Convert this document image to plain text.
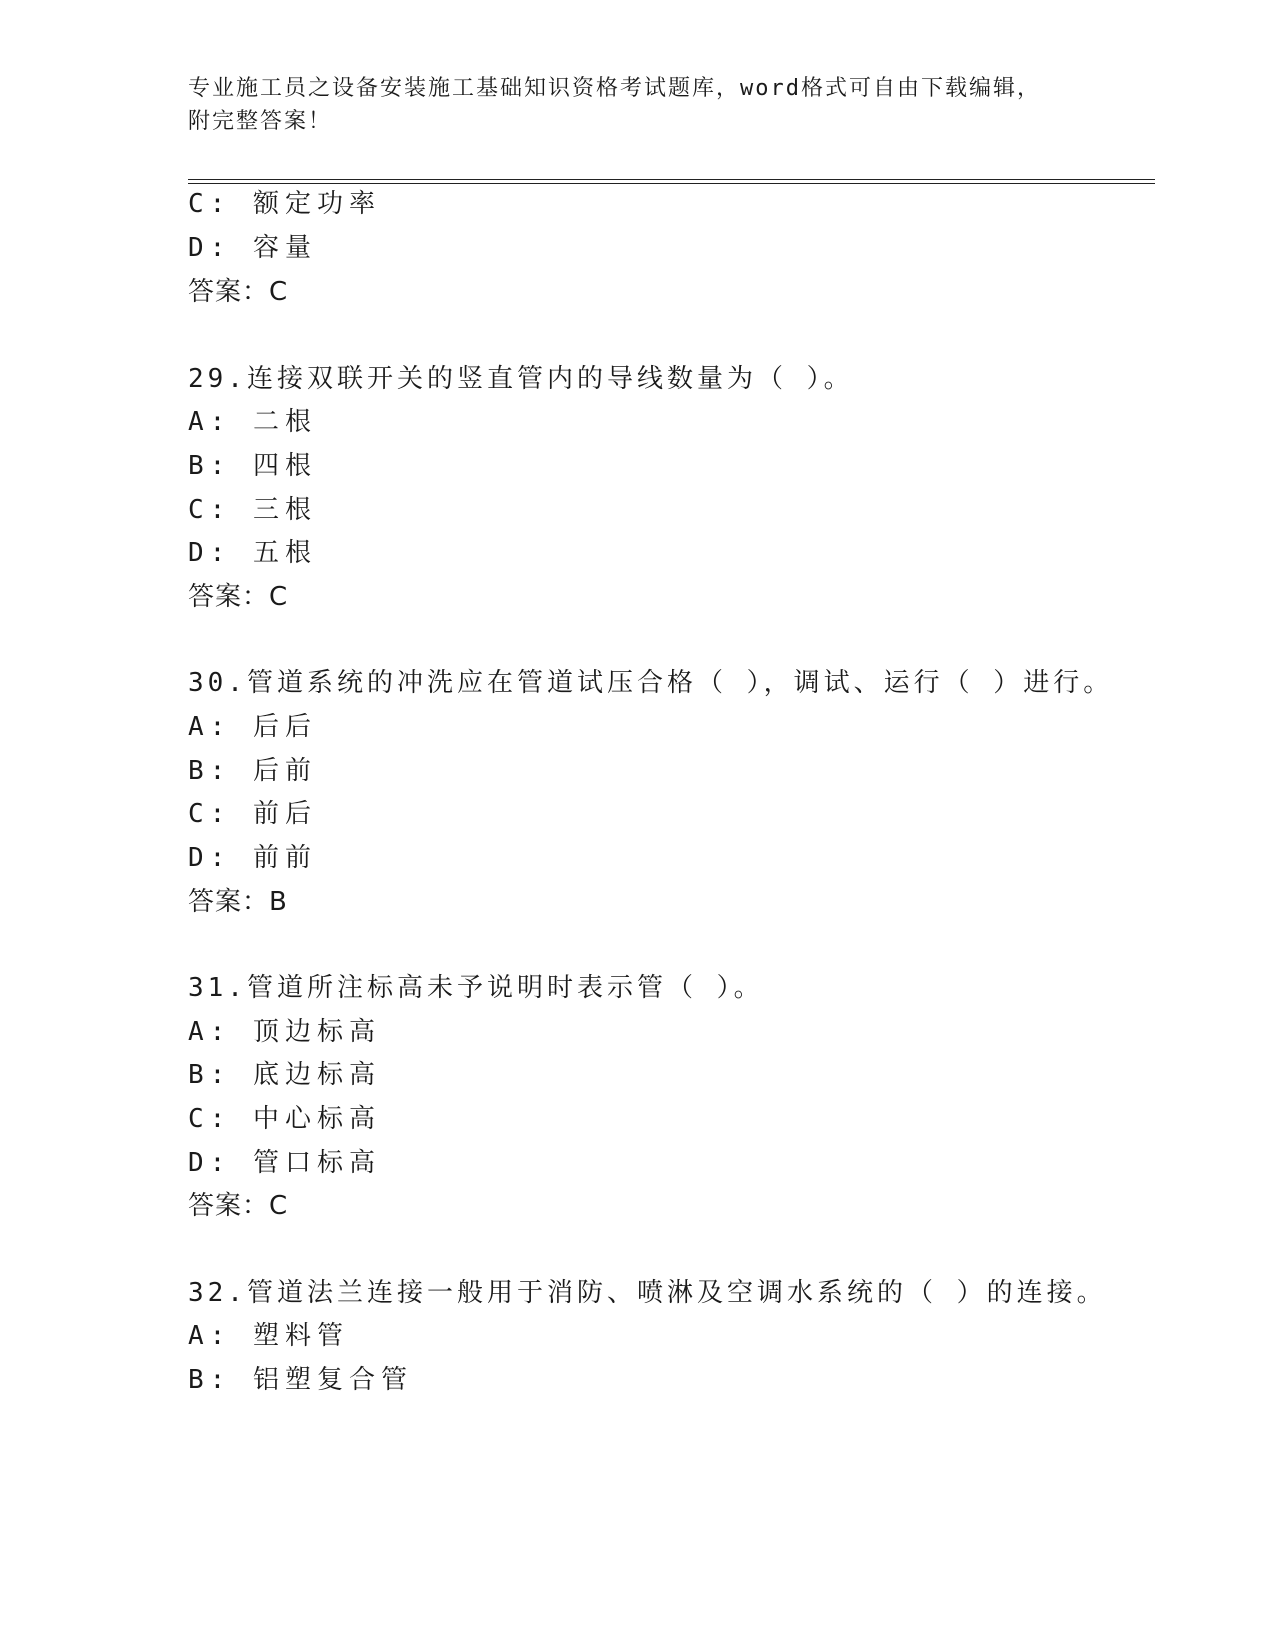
专业施工员之设备安装施工基础知识资格考试题库，word格式可自由下载编辑，
附完整答案！
C: 额定功率
D: 容量
答案：C
29.连接双联开关的竖直管内的导线数量为（ ）。
A: 二根
B: 四根
C: 三根
D: 五根
答案：C
30.管道系统的冲洗应在管道试压合格（ ），调试、运行（ ）进行。
A: 后后
B: 后前
C: 前后
D: 前前
答案：B
31.管道所注标高未予说明时表示管（ ）。
A: 顶边标高
B: 底边标高
C: 中心标高
D: 管口标高
答案：C
32.管道法兰连接一般用于消防、喷淋及空调水系统的（ ）的连接。
A: 塑料管
B: 铝塑复合管
